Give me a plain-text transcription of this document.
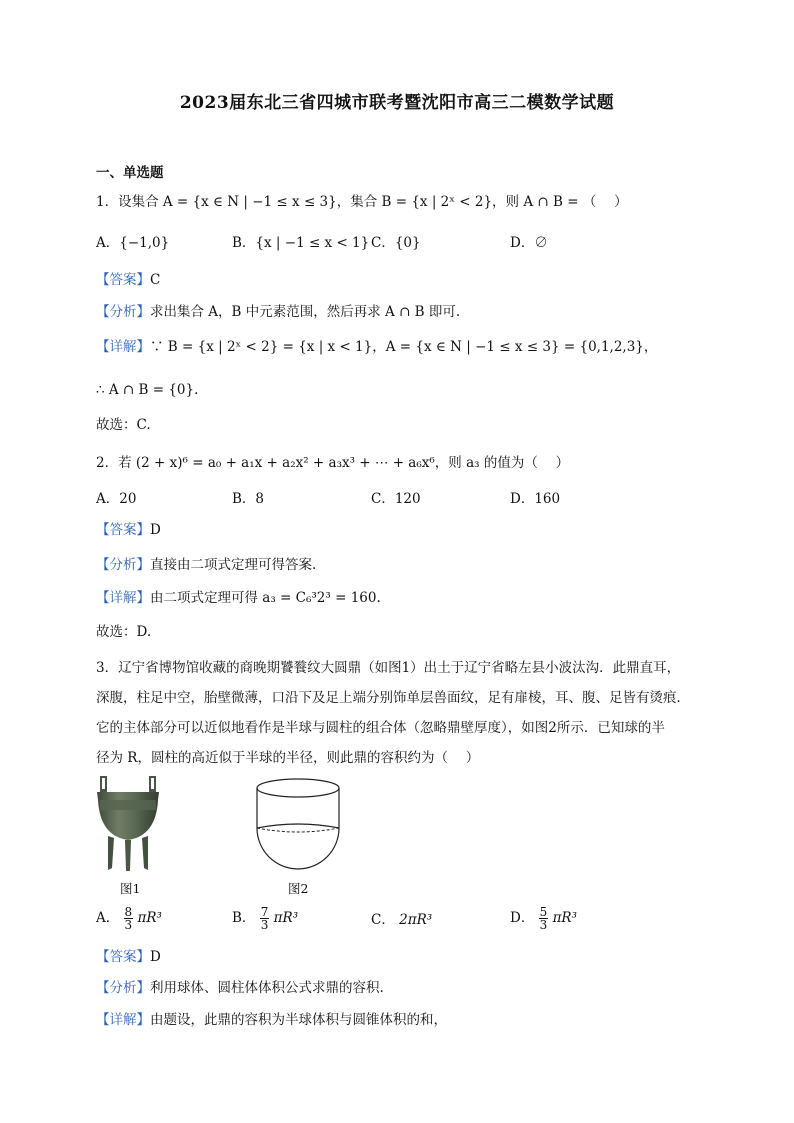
2023届东北三省四城市联考暨沈阳市高三二模数学试题
一、单选题
1．设集合 A = {x ∈ N | −1 ≤ x ≤ 3}，集合 B = {x | 2ˣ < 2}，则 A ∩ B = （　 ）
A．{−1,0}	B．{x | −1 ≤ x < 1} C．{0}	D．∅
【答案】C
【分析】求出集合 A，B 中元素范围，然后再求 A ∩ B 即可.
【详解】∵ B = {x | 2ˣ < 2} = {x | x < 1}，A = {x ∈ N | −1 ≤ x ≤ 3} = {0,1,2,3}，
∴ A ∩ B = {0}.
故选：C.
2．若 (2 + x)⁶ = a₀ + a₁x + a₂x² + a₃x³ + ⋯ + a₆x⁶，则 a₃ 的值为（　 ）
A．20	B．8	C．120	D．160
【答案】D
【分析】直接由二项式定理可得答案.
【详解】由二项式定理可得 a₃ = C₆³2³ = 160.
故选：D.
3．辽宁省博物馆收藏的商晚期饕餮纹大圆鼎（如图1）出土于辽宁省略左县小波汰沟．此鼎直耳，
深腹，柱足中空，胎壁微薄，口沿下及足上端分别饰单层兽面纹，足有扉棱，耳、腹、足皆有烫痕．
它的主体部分可以近似地看作是半球与圆柱的组合体（忽略鼎壁厚度），如图2所示．已知球的半
径为 R，圆柱的高近似于半球的半径，则此鼎的容积约为（　 ）
图1	图2
A． $\frac{8}{3} \pi R^3$	B． $\frac{7}{3} \pi R^3$	C． 2πR³	D． $\frac{5}{3} \pi R^3$
【答案】D
【分析】利用球体、圆柱体体积公式求鼎的容积.
【详解】由题设，此鼎的容积为半球体积与圆锥体积的和，
